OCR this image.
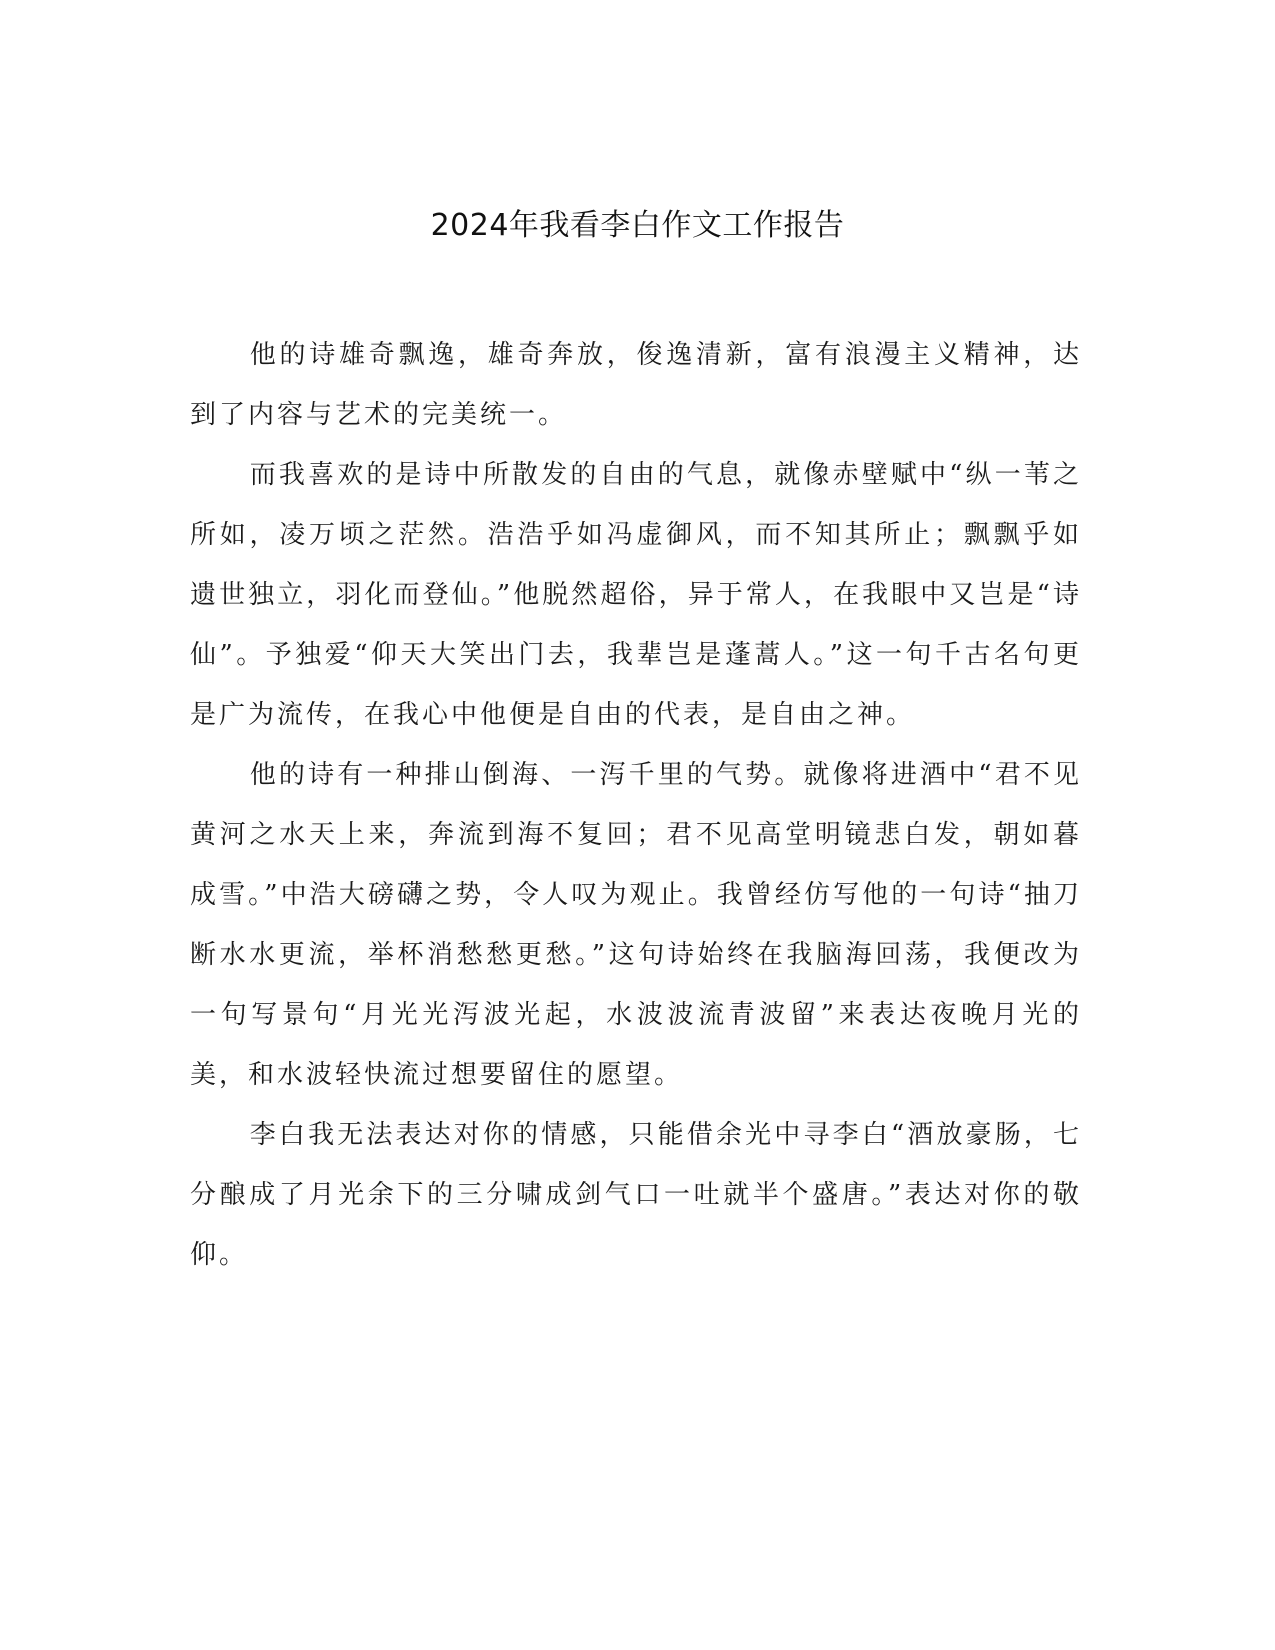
2024年我看李白作文工作报告

他的诗雄奇飘逸，雄奇奔放，俊逸清新，富有浪漫主义精神，达到了内容与艺术的完美统一。

而我喜欢的是诗中所散发的自由的气息，就像赤壁赋中“纵一苇之所如，凌万顷之茫然。浩浩乎如冯虚御风，而不知其所止；飘飘乎如遗世独立，羽化而登仙。”他脱然超俗，异于常人，在我眼中又岂是“诗仙”。予独爱“仰天大笑出门去，我辈岂是蓬蒿人。”这一句千古名句更是广为流传，在我心中他便是自由的代表，是自由之神。

他的诗有一种排山倒海、一泻千里的气势。就像将进酒中“君不见黄河之水天上来，奔流到海不复回；君不见高堂明镜悲白发，朝如暮成雪。”中浩大磅礴之势，令人叹为观止。我曾经仿写他的一句诗“抽刀断水水更流，举杯消愁愁更愁。”这句诗始终在我脑海回荡，我便改为一句写景句“月光光泻波光起，水波波流青波留”来表达夜晚月光的美，和水波轻快流过想要留住的愿望。

李白我无法表达对你的情感，只能借余光中寻李白“酒放豪肠，七分酿成了月光余下的三分啸成剑气口一吐就半个盛唐。”表达对你的敬仰。
